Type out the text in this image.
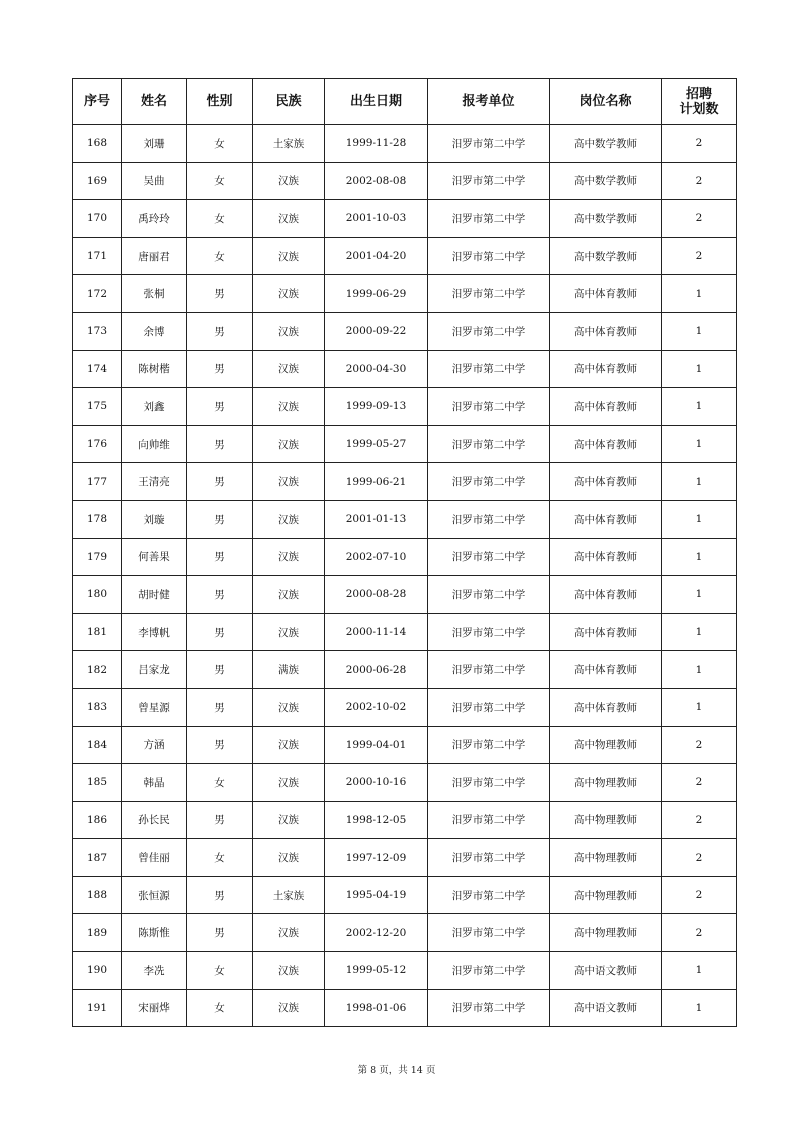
序号	姓名	性别	民族	出生日期	报考单位	岗位名称	招聘
计划数

168	刘珊	女	土家族	1999-11-28	汨罗市第二中学	高中数学教师	2
169	吴曲	女	汉族	2002-08-08	汨罗市第二中学	高中数学教师	2
170	禹玲玲	女	汉族	2001-10-03	汨罗市第二中学	高中数学教师	2
171	唐丽君	女	汉族	2001-04-20	汨罗市第二中学	高中数学教师	2
172	张桐	男	汉族	1999-06-29	汨罗市第二中学	高中体育教师	1
173	余博	男	汉族	2000-09-22	汨罗市第二中学	高中体育教师	1
174	陈树楷	男	汉族	2000-04-30	汨罗市第二中学	高中体育教师	1
175	刘鑫	男	汉族	1999-09-13	汨罗市第二中学	高中体育教师	1
176	向帅维	男	汉族	1999-05-27	汨罗市第二中学	高中体育教师	1
177	王清亮	男	汉族	1999-06-21	汨罗市第二中学	高中体育教师	1
178	刘璇	男	汉族	2001-01-13	汨罗市第二中学	高中体育教师	1
179	何善果	男	汉族	2002-07-10	汨罗市第二中学	高中体育教师	1
180	胡时健	男	汉族	2000-08-28	汨罗市第二中学	高中体育教师	1
181	李博帆	男	汉族	2000-11-14	汨罗市第二中学	高中体育教师	1
182	吕家龙	男	满族	2000-06-28	汨罗市第二中学	高中体育教师	1
183	曾星源	男	汉族	2002-10-02	汨罗市第二中学	高中体育教师	1
184	方涵	男	汉族	1999-04-01	汨罗市第二中学	高中物理教师	2
185	韩晶	女	汉族	2000-10-16	汨罗市第二中学	高中物理教师	2
186	孙长民	男	汉族	1998-12-05	汨罗市第二中学	高中物理教师	2
187	曾佳丽	女	汉族	1997-12-09	汨罗市第二中学	高中物理教师	2
188	张恒源	男	土家族	1995-04-19	汨罗市第二中学	高中物理教师	2
189	陈斯惟	男	汉族	2002-12-20	汨罗市第二中学	高中物理教师	2
190	李冼	女	汉族	1999-05-12	汨罗市第二中学	高中语文教师	1
191	宋丽烨	女	汉族	1998-01-06	汨罗市第二中学	高中语文教师	1
第 8 页，共 14 页
